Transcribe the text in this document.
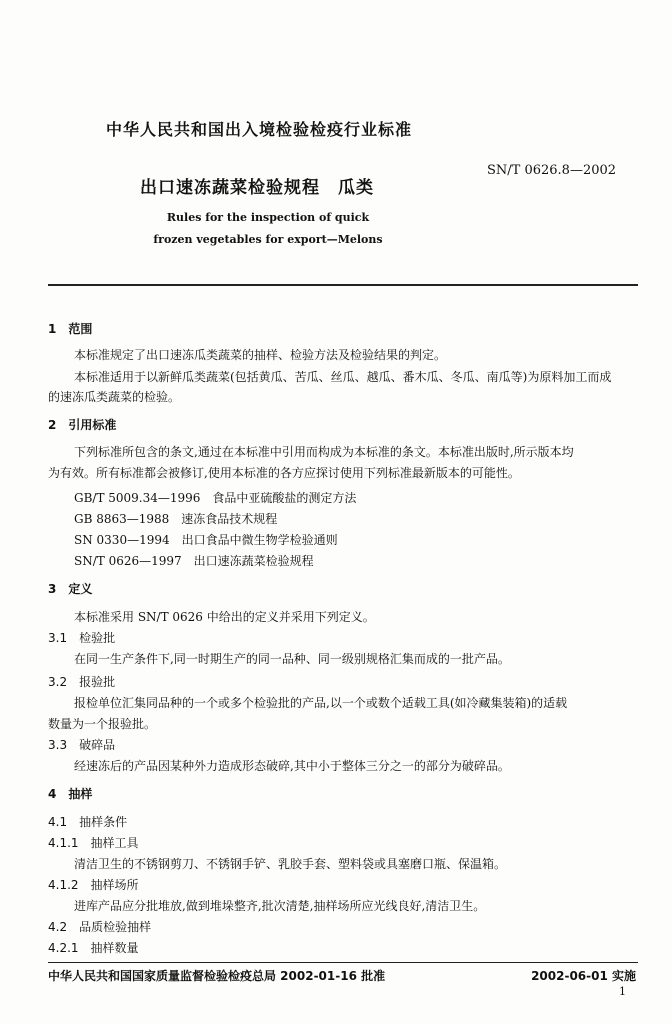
中华人民共和国出入境检验检疫行业标准
SN/T 0626.8—2002
出口速冻蔬菜检验规程　瓜类
Rules for the inspection of quick
frozen vegetables for export—Melons
1　范围
本标准规定了出口速冻瓜类蔬菜的抽样、检验方法及检验结果的判定。
本标准适用于以新鲜瓜类蔬菜(包括黄瓜、苦瓜、丝瓜、越瓜、番木瓜、冬瓜、南瓜等)为原料加工而成
的速冻瓜类蔬菜的检验。
2　引用标准
下列标准所包含的条文,通过在本标准中引用而构成为本标准的条文。本标准出版时,所示版本均
为有效。所有标准都会被修订,使用本标准的各方应探讨使用下列标准最新版本的可能性。
GB/T 5009.34—1996　食品中亚硫酸盐的测定方法
GB 8863—1988　速冻食品技术规程
SN 0330—1994　出口食品中微生物学检验通则
SN/T 0626—1997　出口速冻蔬菜检验规程
3　定义
本标准采用 SN/T 0626 中给出的定义并采用下列定义。
3.1　检验批
在同一生产条件下,同一时期生产的同一品种、同一级别规格汇集而成的一批产品。
3.2　报验批
报检单位汇集同品种的一个或多个检验批的产品,以一个或数个适载工具(如冷藏集装箱)的适载
数量为一个报验批。
3.3　破碎品
经速冻后的产品因某种外力造成形态破碎,其中小于整体三分之一的部分为破碎品。
4　抽样
4.1　抽样条件
4.1.1　抽样工具
清洁卫生的不锈钢剪刀、不锈钢手铲、乳胶手套、塑料袋或具塞磨口瓶、保温箱。
4.1.2　抽样场所
进库产品应分批堆放,做到堆垛整齐,批次清楚,抽样场所应光线良好,清洁卫生。
4.2　品质检验抽样
4.2.1　抽样数量
中华人民共和国国家质量监督检验检疫总局 2002-01-16 批准	2002-06-01 实施
1
